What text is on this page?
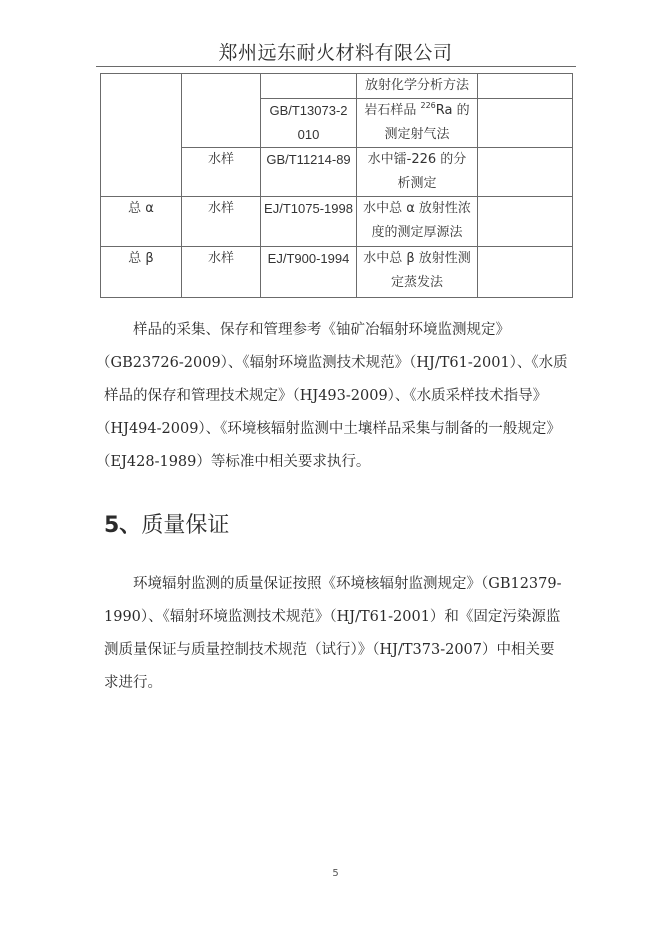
郑州远东耐火材料有限公司
			放射化学分析方法	
		GB/T13073-2010	岩石样品 $^{226}$Ra 的测定射气法	
	水样	GB/T11214-89	水中镭-226 的分析测定	
总 α	水样	EJ/T1075-1998	水中总 α 放射性浓度的测定厚源法	
总 β	水样	EJ/T900-1994	水中总 β 放射性测定蒸发法	

　　样品的采集、保存和管理参考《铀矿冶辐射环境监测规定》

（GB23726-2009）、《辐射环境监测技术规范》（HJ/T61-2001）、《水质

样品的保存和管理技术规定》（HJ493-2009）、《水质采样技术指导》

（HJ494-2009）、《环境核辐射监测中土壤样品采集与制备的一般规定》

（EJ428-1989）等标准中相关要求执行。

5、质量保证

　　环境辐射监测的质量保证按照《环境核辐射监测规定》（GB12379-

1990）、《辐射环境监测技术规范》（HJ/T61-2001）和《固定污染源监

测质量保证与质量控制技术规范（试行）》（HJ/T373-2007）中相关要

求进行。

5
